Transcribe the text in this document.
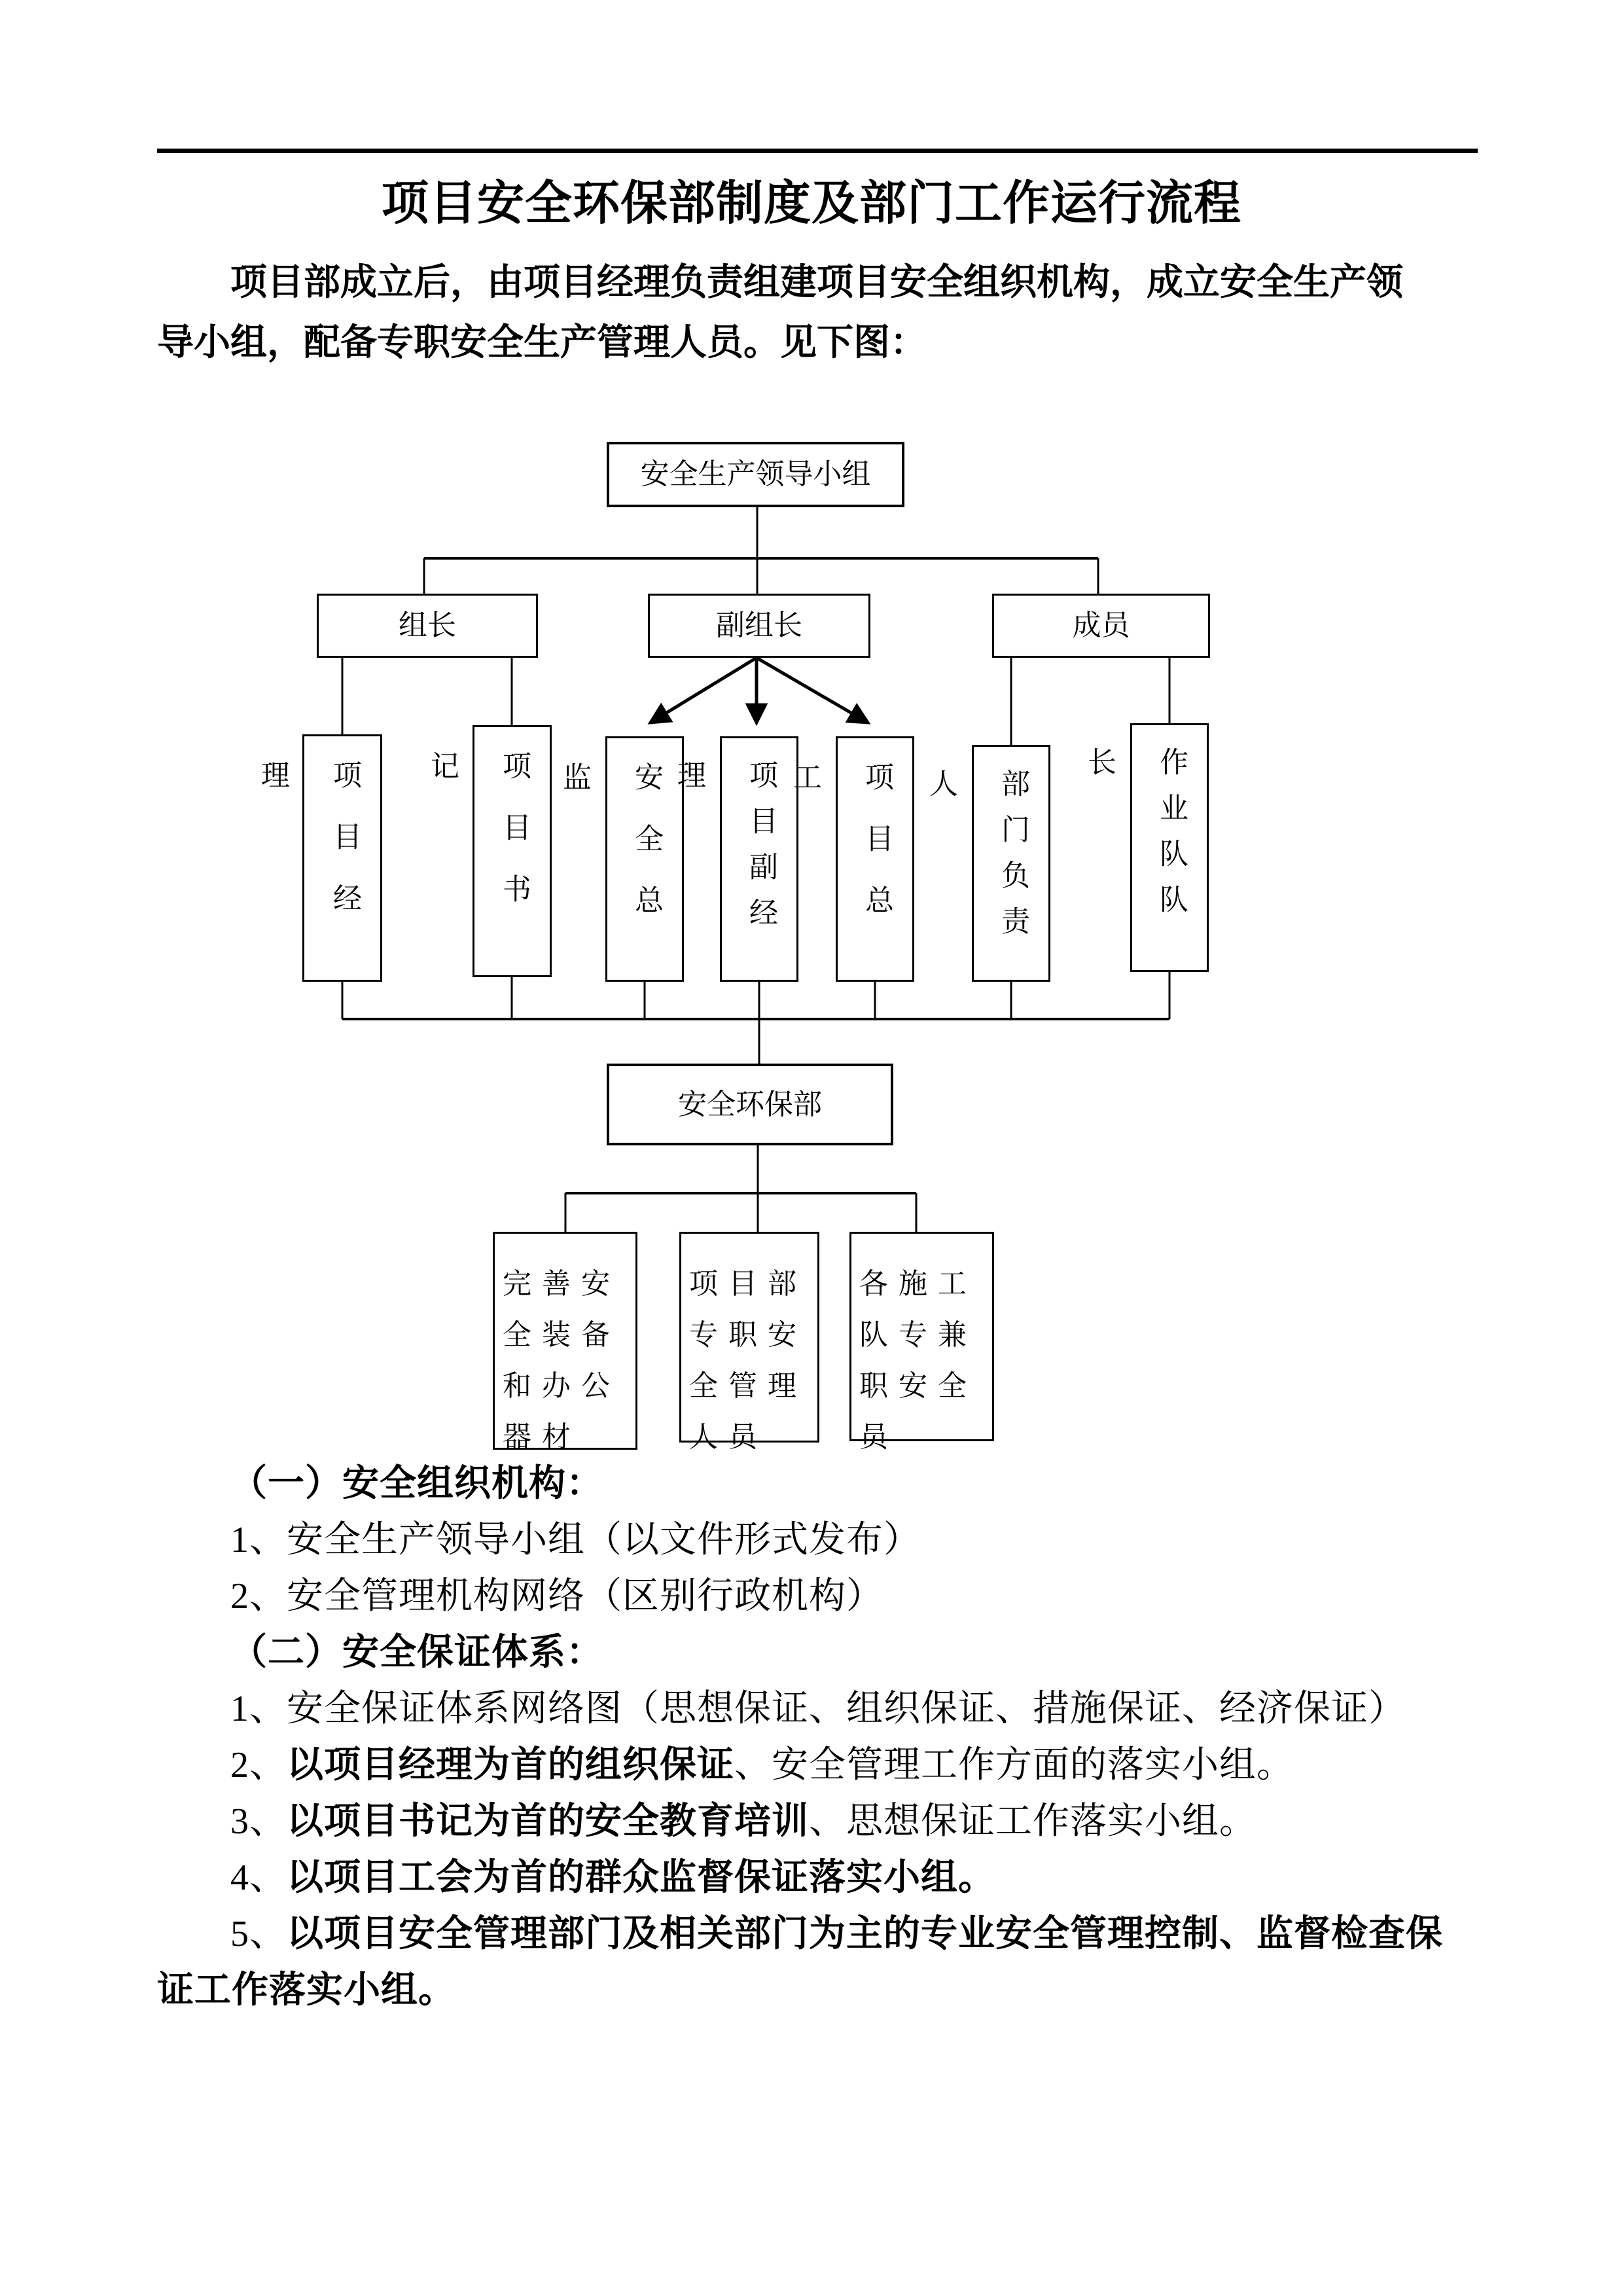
项目安全环保部制度及部门工作运行流程
项目部成立后，由项目经理负责组建项目安全组织机构，成立安全生产领
导小组，配备专职安全生产管理人员。见下图：
安全生产领导小组
组长	副组长	成员
项目经理	项目书记	安全总监	项目副经理	项目总工	部门负责人	作业队队长
安全环保部
完善安全装备和办公器材
项目部专职安全管理人员
各施工队专兼职安全员
（一）安全组织机构：
1、安全生产领导小组（以文件形式发布）
2、安全管理机构网络（区别行政机构）
（二）安全保证体系：
1、安全保证体系网络图（思想保证、组织保证、措施保证、经济保证）
2、以项目经理为首的组织保证、安全管理工作方面的落实小组。
3、以项目书记为首的安全教育培训、思想保证工作落实小组。
4、以项目工会为首的群众监督保证落实小组。
5、以项目安全管理部门及相关部门为主的专业安全管理控制、监督检查保
证工作落实小组。
